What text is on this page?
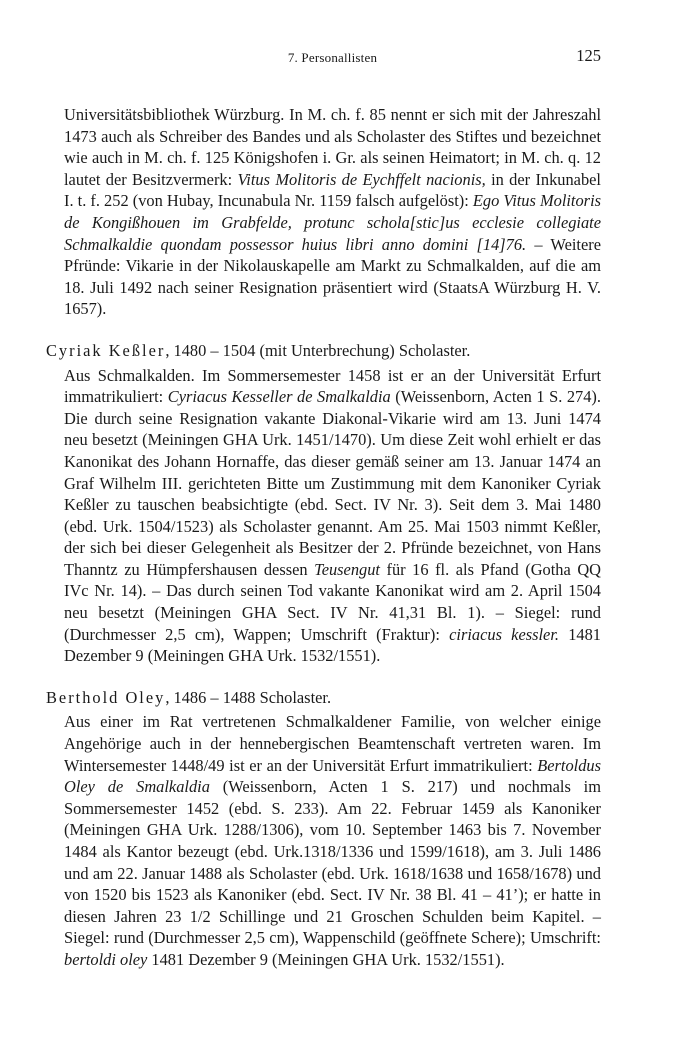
7. Personallisten	125

Universitätsbibliothek Würzburg. In M. ch. f. 85 nennt er sich mit der Jahreszahl 1473 auch als Schreiber des Bandes und als Scholaster des Stiftes und bezeichnet wie auch in M. ch. f. 125 Königshofen i. Gr. als seinen Heimatort; in M. ch. q. 12 lautet der Besitzvermerk: Vitus Molitoris de Eychffelt nacionis, in der Inkunabel I. t. f. 252 (von Hubay, Incunabula Nr. 1159 falsch aufgelöst): Ego Vitus Molitoris de Kongißhouen im Grabfelde, protunc schola[stic]us ecclesie collegiate Schmalkaldie quondam possessor huius libri anno domini [14]76. – Weitere Pfründe: Vikarie in der Nikolauskapelle am Markt zu Schmalkalden, auf die am 18. Juli 1492 nach seiner Resignation präsentiert wird (StaatsA Würzburg H. V. 1657).

Cyriak Keßler, 1480 – 1504 (mit Unterbrechung) Scholaster.

Aus Schmalkalden. Im Sommersemester 1458 ist er an der Universität Erfurt immatrikuliert: Cyriacus Kesseller de Smalkaldia (Weissenborn, Acten 1 S. 274). Die durch seine Resignation vakante Diakonal-Vikarie wird am 13. Juni 1474 neu besetzt (Meiningen GHA Urk. 1451/1470). Um diese Zeit wohl erhielt er das Kanonikat des Johann Hornaffe, das dieser gemäß seiner am 13. Januar 1474 an Graf Wilhelm III. gerichteten Bitte um Zustimmung mit dem Kanoniker Cyriak Keßler zu tauschen beabsichtigte (ebd. Sect. IV Nr. 3). Seit dem 3. Mai 1480 (ebd. Urk. 1504/1523) als Scholaster genannt. Am 25. Mai 1503 nimmt Keßler, der sich bei dieser Gelegenheit als Besitzer der 2. Pfründe bezeichnet, von Hans Thanntz zu Hümpfershausen dessen Teusengut für 16 fl. als Pfand (Gotha QQ IVc Nr. 14). – Das durch seinen Tod vakante Kanonikat wird am 2. April 1504 neu besetzt (Meiningen GHA Sect. IV Nr. 41,31 Bl. 1). – Siegel: rund (Durchmesser 2,5 cm), Wappen; Umschrift (Fraktur): ciriacus kessler. 1481 Dezember 9 (Meiningen GHA Urk. 1532/1551).

Berthold Oley, 1486 – 1488 Scholaster.

Aus einer im Rat vertretenen Schmalkaldener Familie, von welcher einige Angehörige auch in der hennebergischen Beamtenschaft vertreten waren. Im Wintersemester 1448/49 ist er an der Universität Erfurt immatrikuliert: Bertoldus Oley de Smalkaldia (Weissenborn, Acten 1 S. 217) und nochmals im Sommersemester 1452 (ebd. S. 233). Am 22. Februar 1459 als Kanoniker (Meiningen GHA Urk. 1288/1306), vom 10. September 1463 bis 7. November 1484 als Kantor bezeugt (ebd. Urk.1318/1336 und 1599/1618), am 3. Juli 1486 und am 22. Januar 1488 als Scholaster (ebd. Urk. 1618/1638 und 1658/1678) und von 1520 bis 1523 als Kanoniker (ebd. Sect. IV Nr. 38 Bl. 41 – 41’); er hatte in diesen Jahren 23 1/2 Schillinge und 21 Groschen Schulden beim Kapitel. – Siegel: rund (Durchmesser 2,5 cm), Wappenschild (geöffnete Schere); Umschrift: bertoldi oley 1481 Dezember 9 (Meiningen GHA Urk. 1532/1551).
